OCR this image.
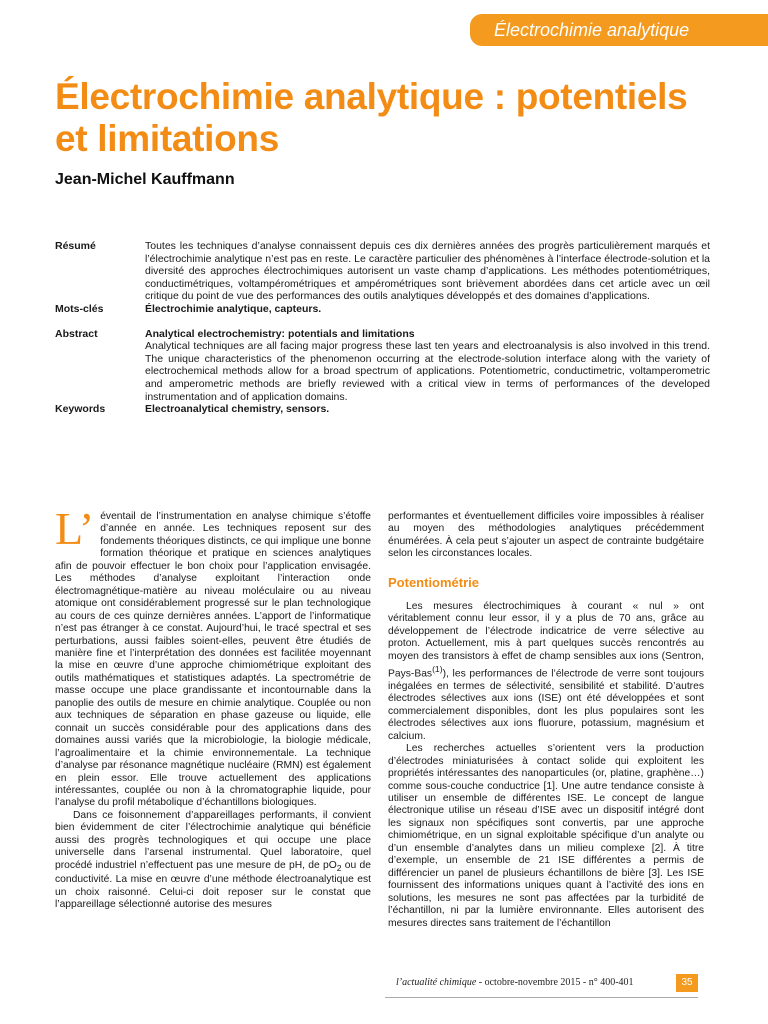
Électrochimie analytique
Électrochimie analytique : potentiels et limitations
Jean-Michel Kauffmann
Résumé	Toutes les techniques d’analyse connaissent depuis ces dix dernières années des progrès particulièrement marqués et l’électrochimie analytique n’est pas en reste. Le caractère particulier des phénomènes à l’interface électrode-solution et la diversité des approches électrochimiques autorisent un vaste champ d’applications. Les méthodes potentiométriques, conductimétriques, voltampérométriques et ampérométriques sont brièvement abordées dans cet article avec un œil critique du point de vue des performances des outils analytiques développés et des domaines d’applications.
Mots-clés	Électrochimie analytique, capteurs.
Abstract	Analytical electrochemistry: potentials and limitations
Analytical techniques are all facing major progress these last ten years and electroanalysis is also involved in this trend. The unique characteristics of the phenomenon occurring at the electrode-solution interface along with the variety of electrochemical methods allow for a broad spectrum of applications. Potentiometric, conductimetric, voltamperometric and amperometric methods are briefly reviewed with a critical view in terms of performances of the developed instrumentation and of application domains.
Keywords	Electroanalytical chemistry, sensors.

L’ éventail de l’instrumentation en analyse chimique s’étoffe d’année en année. Les techniques reposent sur des fondements théoriques distincts, ce qui implique une bonne formation théorique et pratique en sciences analytiques afin de pouvoir effectuer le bon choix pour l’application envisagée. Les méthodes d’analyse exploitant l’interaction onde électromagnétique-matière au niveau moléculaire ou au niveau atomique ont considérablement progressé sur le plan technologique au cours de ces quinze dernières années. L’apport de l’informatique n’est pas étranger à ce constat. Aujourd’hui, le tracé spectral et ses perturbations, aussi faibles soient-elles, peuvent être étudiés de manière fine et l’interprétation des données est facilitée moyennant la mise en œuvre d’une approche chimiométrique exploitant des outils mathématiques et statistiques adaptés. La spectrométrie de masse occupe une place grandissante et incontournable dans la panoplie des outils de mesure en chimie analytique. Couplée ou non aux techniques de séparation en phase gazeuse ou liquide, elle connait un succès considérable pour des applications dans des domaines aussi variés que la microbiologie, la biologie médicale, l’agroalimentaire et la chimie environnementale. La technique d’analyse par résonance magnétique nucléaire (RMN) est également en plein essor. Elle trouve actuellement des applications intéressantes, couplée ou non à la chromatographie liquide, pour l’analyse du profil métabolique d’échantillons biologiques.

Dans ce foisonnement d’appareillages performants, il convient bien évidemment de citer l’électrochimie analytique qui bénéficie aussi des progrès technologiques et qui occupe une place universelle dans l’arsenal instrumental. Quel laboratoire, quel procédé industriel n’effectuent pas une mesure de pH, de $pO_2$ ou de conductivité. La mise en œuvre d’une méthode électroanalytique est un choix raisonné. Celui-ci doit reposer sur le constat que l’appareillage sélectionné autorise des mesures

performantes et éventuellement difficiles voire impossibles à réaliser au moyen des méthodologies analytiques précédemment énumérées. À cela peut s’ajouter un aspect de contrainte budgétaire selon les circonstances locales.

Potentiométrie

Les mesures électrochimiques à courant « nul » ont véritablement connu leur essor, il y a plus de 70 ans, grâce au développement de l’électrode indicatrice de verre sélective au proton. Actuellement, mis à part quelques succès rencontrés au moyen des transistors à effet de champ sensibles aux ions (Sentron, Pays-Bas$^{(1)}$), les performances de l’électrode de verre sont toujours inégalées en termes de sélectivité, sensibilité et stabilité. D’autres électrodes sélectives aux ions (ISE) ont été développées et sont commercialement disponibles, dont les plus populaires sont les électrodes sélectives aux ions fluorure, potassium, magnésium et calcium.

Les recherches actuelles s’orientent vers la production d’électrodes miniaturisées à contact solide qui exploitent les propriétés intéressantes des nanoparticules (or, platine, graphène…) comme sous-couche conductrice [1]. Une autre tendance consiste à utiliser un ensemble de différentes ISE. Le concept de langue électronique utilise un réseau d’ISE avec un dispositif intégré dont les signaux non spécifiques sont convertis, par une approche chimiométrique, en un signal exploitable spécifique d’un analyte ou d’un ensemble d’analytes dans un milieu complexe [2]. À titre d’exemple, un ensemble de 21 ISE différentes a permis de différencier un panel de plusieurs échantillons de bière [3]. Les ISE fournissent des informations uniques quant à l’activité des ions en solutions, les mesures ne sont pas affectées par la turbidité de l’échantillon, ni par la lumière environnante. Elles autorisent des mesures directes sans traitement de l’échantillon

l’actualité chimique - octobre-novembre 2015 - n° 400-401	35
